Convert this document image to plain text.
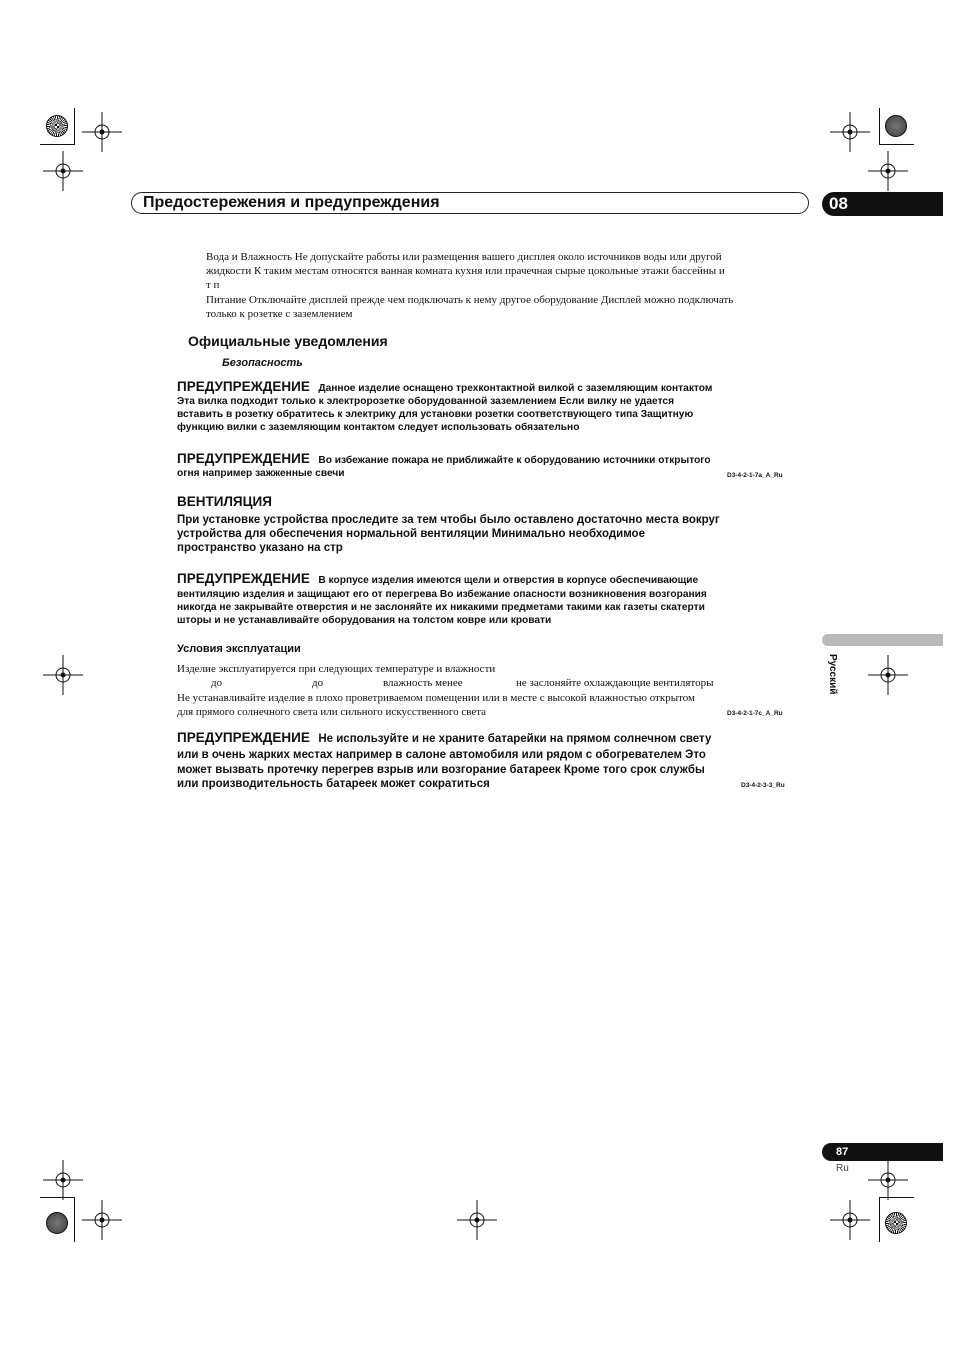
Предостережения и предупреждения	08
Русский
Вода и Влажность Не допускайте работы или размещения вашего дисплея около источников воды или другой
жидкости К таким местам относятся ванная комната кухня или прачечная сырые цокольные этажи бассейны и
т п
Питание Отключайте дисплей прежде чем подключать к нему другое оборудование Дисплей можно подключать
только к розетке с заземлением
Официальные уведомления
Безопасность
ПРЕДУПРЕЖДЕНИЕ Данное изделие оснащено трехконтактной вилкой с заземляющим контактом
Эта вилка подходит только к электророзетке оборудованной заземлением Если вилку не удается
вставить в розетку обратитесь к электрику для установки розетки соответствующего типа Защитную
функцию вилки с заземляющим контактом следует использовать обязательно
ПРЕДУПРЕЖДЕНИЕ Во избежание пожара не приближайте к оборудованию источники открытого
огня например зажженные свечи	D3-4-2-1-7a_A_Ru
ВЕНТИЛЯЦИЯ
При установке устройства проследите за тем чтобы было оставлено достаточно места вокруг
устройства для обеспечения нормальной вентиляции Минимально необходимое
пространство указано на стр
ПРЕДУПРЕЖДЕНИЕ В корпусе изделия имеются щели и отверстия в корпусе обеспечивающие
вентиляцию изделия и защищают его от перегрева Во избежание опасности возникновения возгорания
никогда не закрывайте отверстия и не заслоняйте их никакими предметами такими как газеты скатерти
шторы и не устанавливайте оборудования на толстом ковре или кровати
Условия эксплуатации
Изделие эксплуатируется при следующих температуре и влажности
до	до	влажность менее	не заслоняйте охлаждающие вентиляторы
Не устанавливайте изделие в плохо проветриваемом помещении или в месте с высокой влажностью открытом
для прямого солнечного света или сильного искусственного света	D3-4-2-1-7c_A_Ru
ПРЕДУПРЕЖДЕНИЕ Не используйте и не храните батарейки на прямом солнечном свету
или в очень жарких местах например в салоне автомобиля или рядом с обогревателем Это
может вызвать протечку перегрев взрыв или возгорание батареек Кроме того срок службы
или производительность батареек может сократиться	D3-4-2-3-3_Ru
87
Ru
